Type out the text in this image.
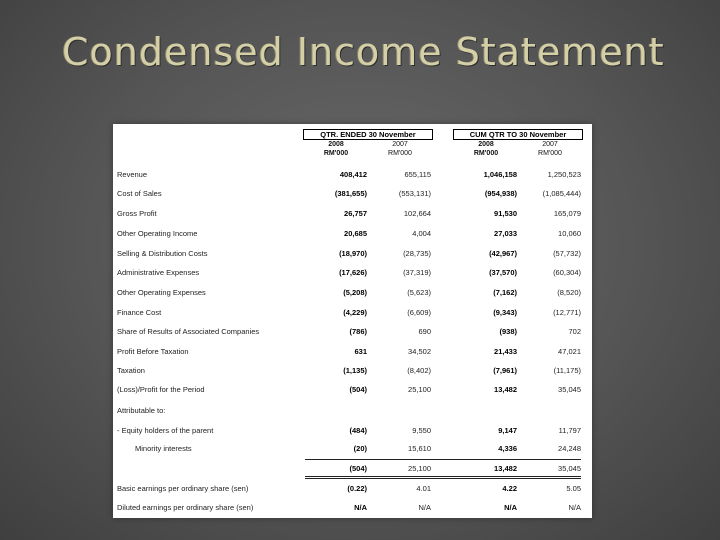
Condensed Income Statement
QTR. ENDED 30 November	CUM QTR TO 30 November
2008	2007	2008	2007
RM'000	RM'000	RM'000	RM'000
Revenue	408,412	655,115	1,046,158	1,250,523
Cost of Sales	(381,655)	(553,131)	(954,938)	(1,085,444)
Gross Profit	26,757	102,664	91,530	165,079
Other Operating Income	20,685	4,004	27,033	10,060
Selling & Distribution Costs	(18,970)	(28,735)	(42,967)	(57,732)
Administrative Expenses	(17,626)	(37,319)	(37,570)	(60,304)
Other Operating Expenses	(5,208)	(5,623)	(7,162)	(8,520)
Finance Cost	(4,229)	(6,609)	(9,343)	(12,771)
Share of Results of Associated Companies	(786)	690	(938)	702
Profit Before Taxation	631	34,502	21,433	47,021
Taxation	(1,135)	(8,402)	(7,961)	(11,175)
(Loss)/Profit for the Period	(504)	25,100	13,482	35,045
Attributable to:
- Equity holders of the parent	(484)	9,550	9,147	11,797
Minority interests	(20)	15,610	4,336	24,248
(504)	25,100	13,482	35,045
Basic earnings per ordinary share (sen)	(0.22)	4.01	4.22	5.05
Diluted earnings per ordinary share (sen)	N/A	N/A	N/A	N/A
